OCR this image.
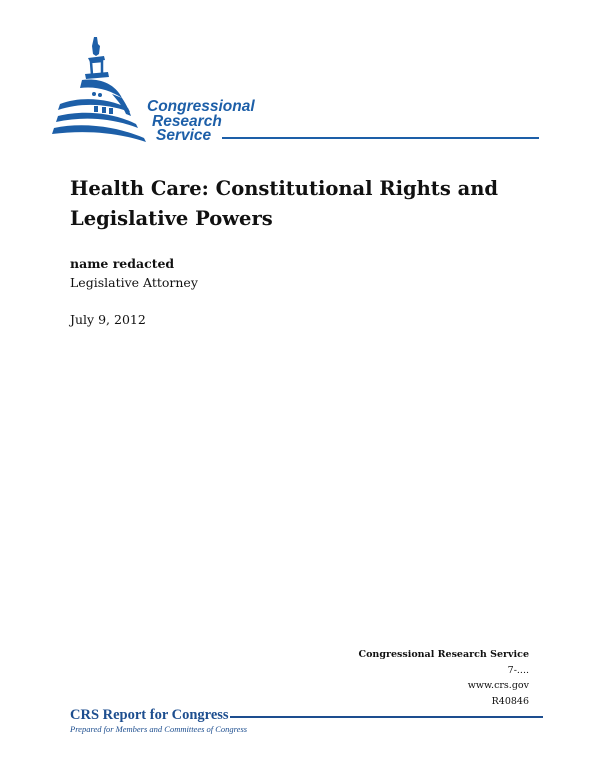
Congressional
Research
Service
Health Care: Constitutional Rights and Legislative Powers
name redacted
Legislative Attorney
July 9, 2012
Congressional Research Service
7-....
www.crs.gov
R40846
CRS Report for Congress
Prepared for Members and Committees of Congress
